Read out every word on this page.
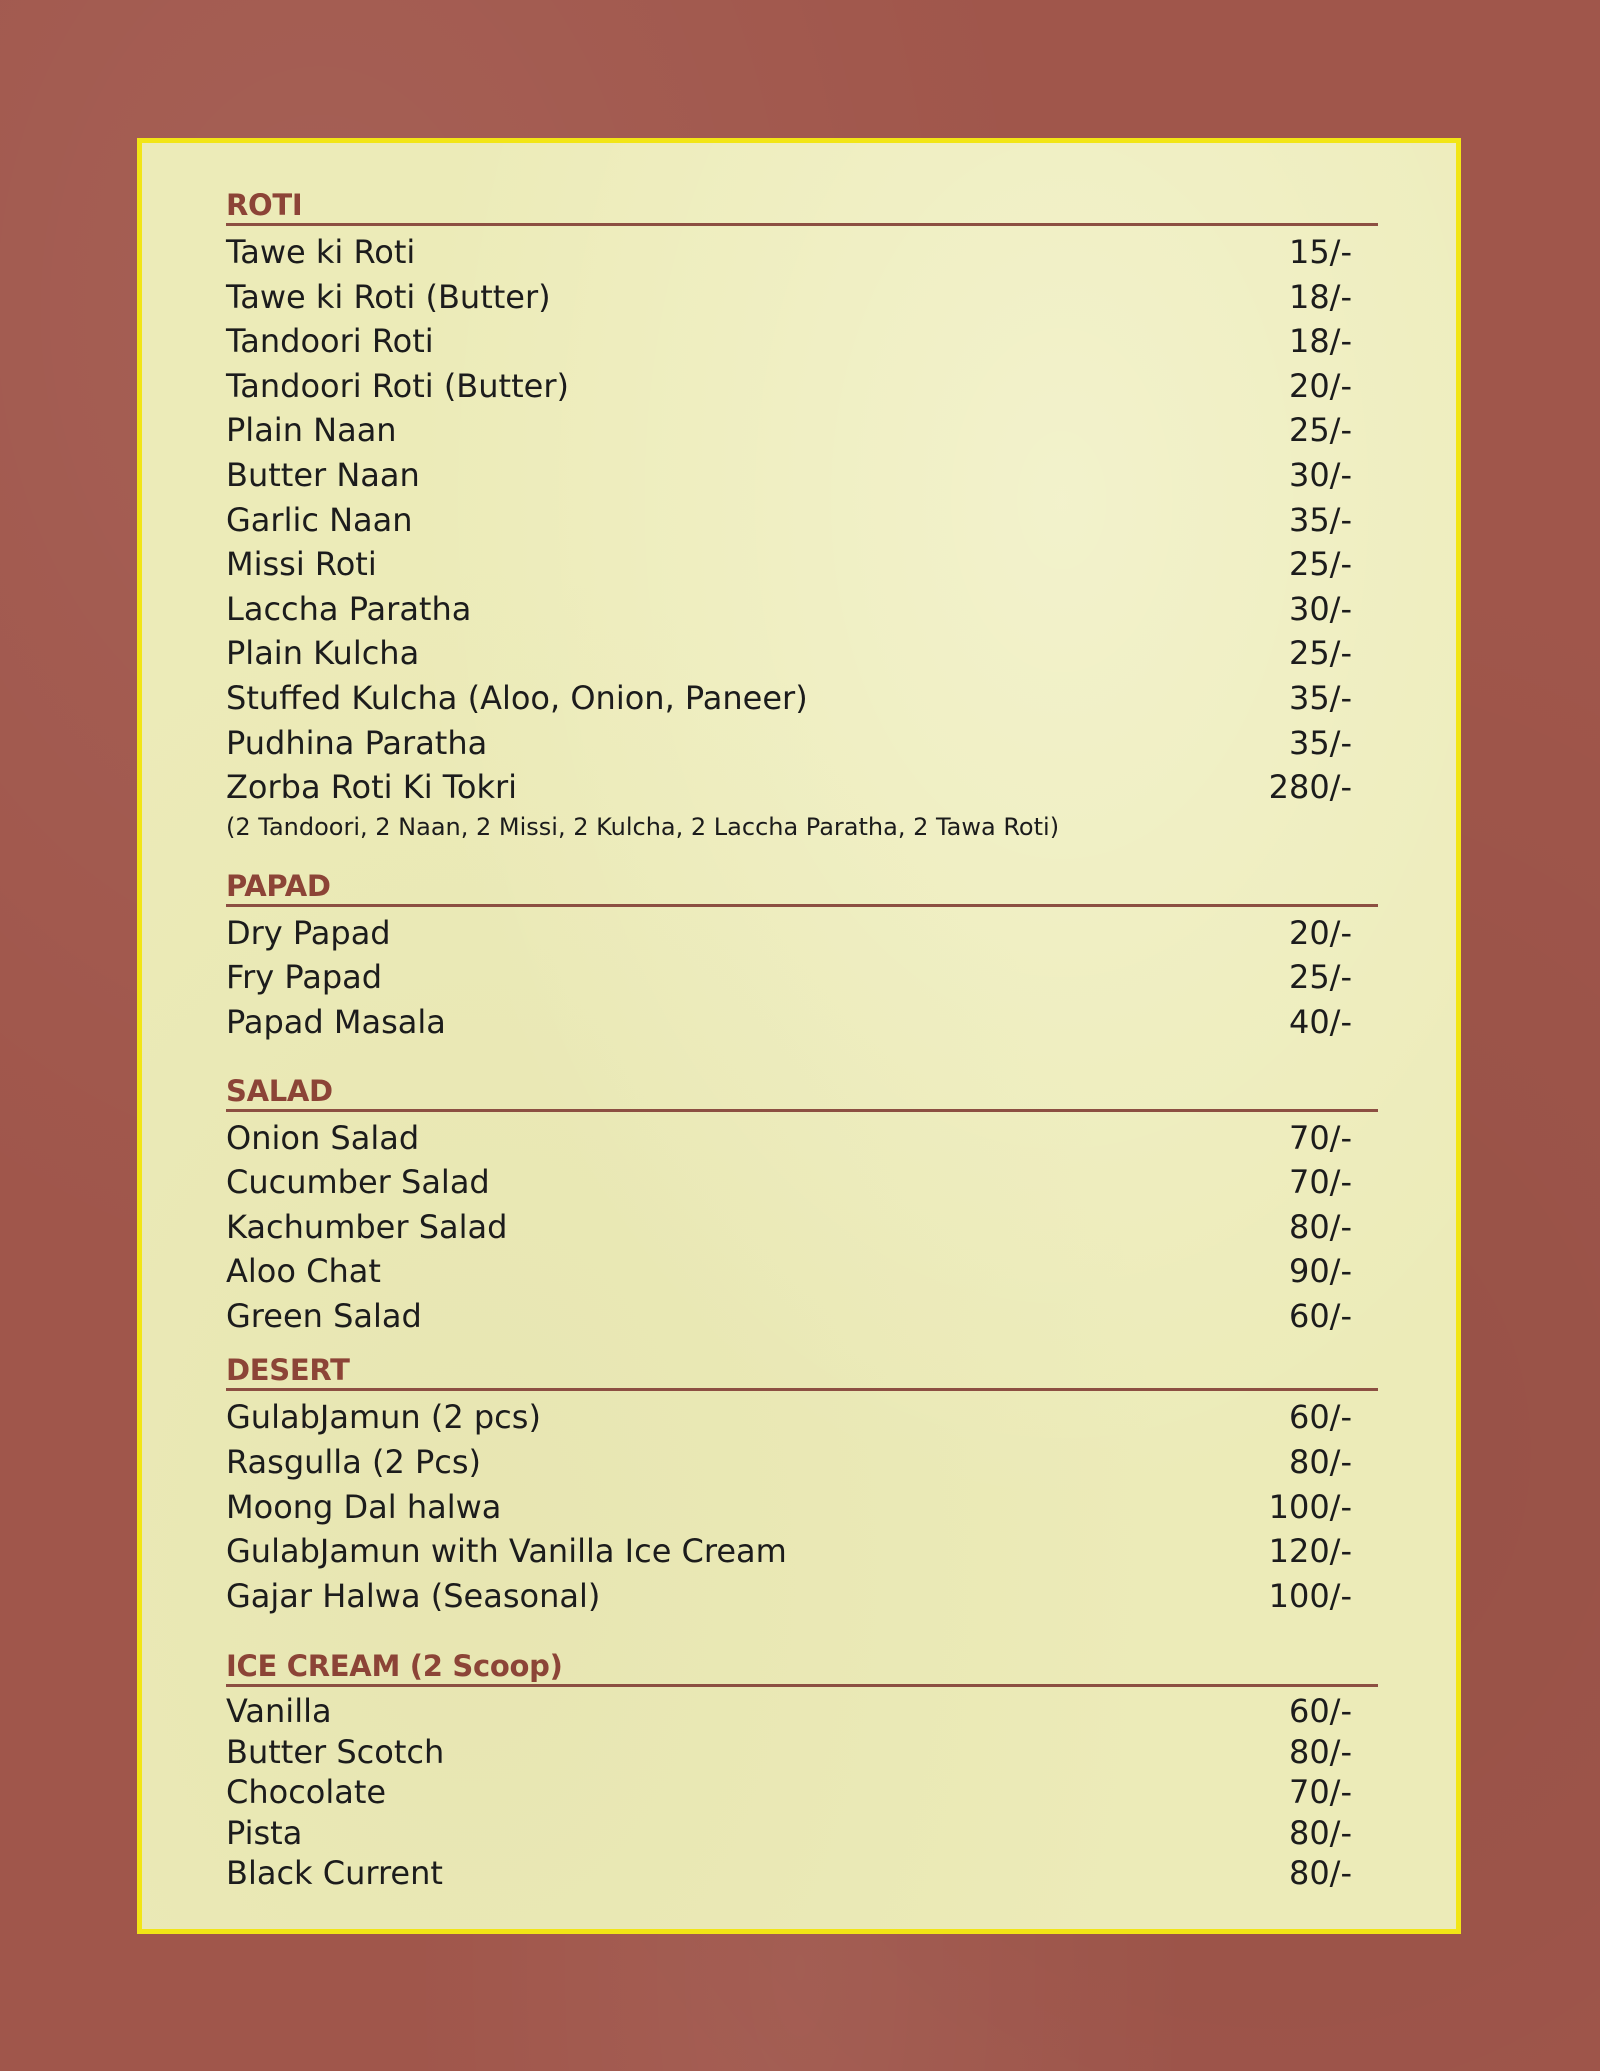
ROTI
Tawe ki Roti	15/-
Tawe ki Roti (Butter)	18/-
Tandoori Roti	18/-
Tandoori Roti (Butter)	20/-
Plain Naan	25/-
Butter Naan	30/-
Garlic Naan	35/-
Missi Roti	25/-
Laccha Paratha	30/-
Plain Kulcha	25/-
Stuffed Kulcha (Aloo, Onion, Paneer)	35/-
Pudhina Paratha	35/-
Zorba Roti Ki Tokri	280/-
(2 Tandoori, 2 Naan, 2 Missi, 2 Kulcha, 2 Laccha Paratha, 2 Tawa Roti)
PAPAD
Dry Papad	20/-
Fry Papad	25/-
Papad Masala	40/-
SALAD
Onion Salad	70/-
Cucumber Salad	70/-
Kachumber Salad	80/-
Aloo Chat	90/-
Green Salad	60/-
DESERT
GulabJamun (2 pcs)	60/-
Rasgulla (2 Pcs)	80/-
Moong Dal halwa	100/-
GulabJamun with Vanilla Ice Cream	120/-
Gajar Halwa (Seasonal)	100/-
ICE CREAM (2 Scoop)
Vanilla	60/-
Butter Scotch	80/-
Chocolate	70/-
Pista	80/-
Black Current	80/-
